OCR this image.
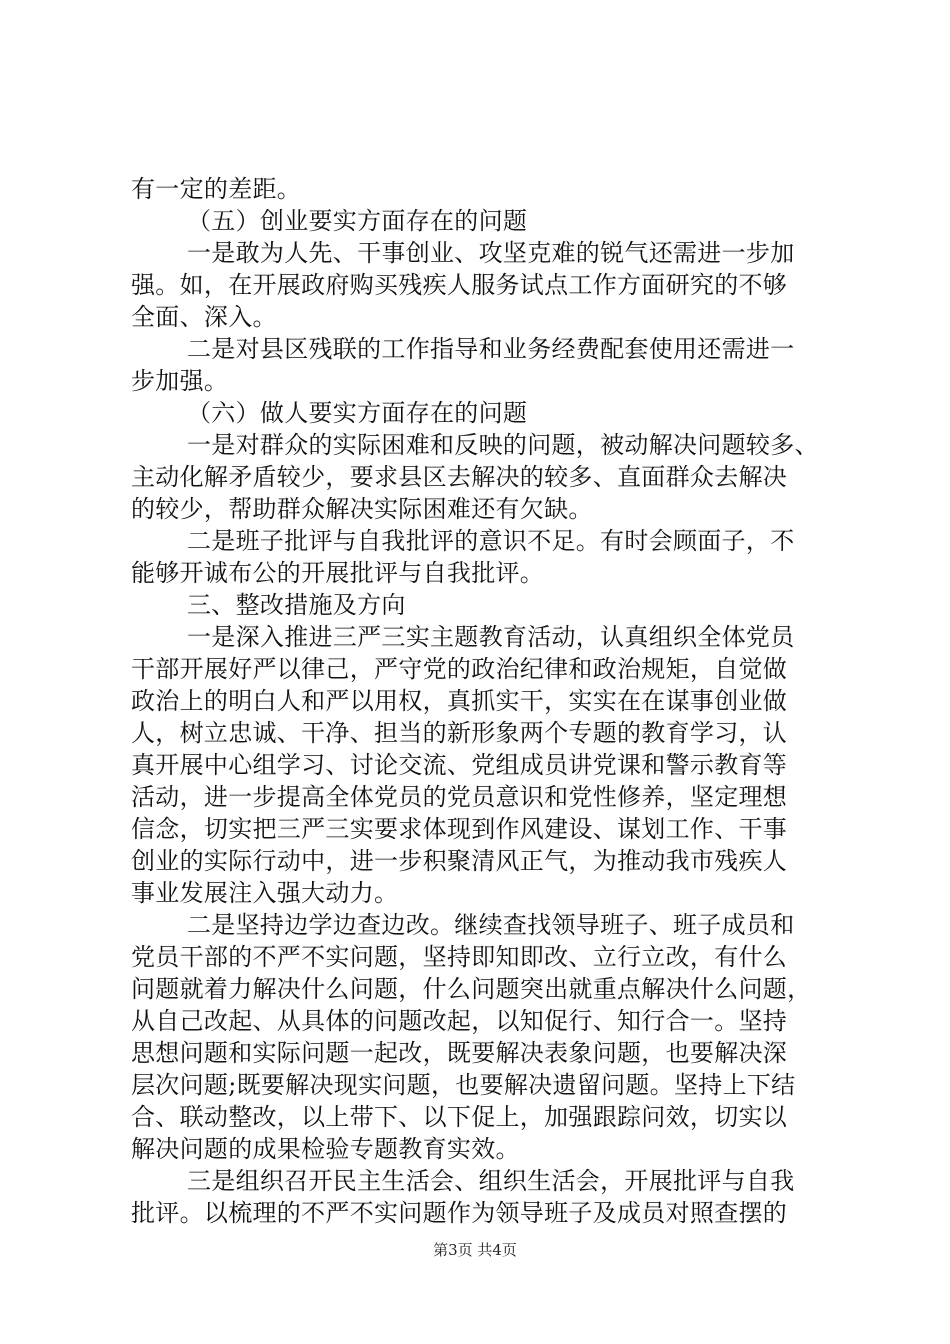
有一定的差距。
（五）创业要实方面存在的问题
一是敢为人先、干事创业、攻坚克难的锐气还需进一步加
强。如，在开展政府购买残疾人服务试点工作方面研究的不够
全面、深入。
二是对县区残联的工作指导和业务经费配套使用还需进一
步加强。
（六）做人要实方面存在的问题
一是对群众的实际困难和反映的问题，被动解决问题较多、
主动化解矛盾较少，要求县区去解决的较多、直面群众去解决
的较少，帮助群众解决实际困难还有欠缺。
二是班子批评与自我批评的意识不足。有时会顾面子，不
能够开诚布公的开展批评与自我批评。
三、整改措施及方向
一是深入推进三严三实主题教育活动，认真组织全体党员
干部开展好严以律己，严守党的政治纪律和政治规矩，自觉做
政治上的明白人和严以用权，真抓实干，实实在在谋事创业做
人，树立忠诚、干净、担当的新形象两个专题的教育学习，认
真开展中心组学习、讨论交流、党组成员讲党课和警示教育等
活动，进一步提高全体党员的党员意识和党性修养，坚定理想
信念，切实把三严三实要求体现到作风建设、谋划工作、干事
创业的实际行动中，进一步积聚清风正气，为推动我市残疾人
事业发展注入强大动力。
二是坚持边学边查边改。继续查找领导班子、班子成员和
党员干部的不严不实问题，坚持即知即改、立行立改，有什么
问题就着力解决什么问题，什么问题突出就重点解决什么问题，
从自己改起、从具体的问题改起，以知促行、知行合一。坚持
思想问题和实际问题一起改，既要解决表象问题，也要解决深
层次问题;既要解决现实问题，也要解决遗留问题。坚持上下结
合、联动整改，以上带下、以下促上，加强跟踪问效，切实以
解决问题的成果检验专题教育实效。
三是组织召开民主生活会、组织生活会，开展批评与自我
批评。以梳理的不严不实问题作为领导班子及成员对照查摆的
第3页 共4页
